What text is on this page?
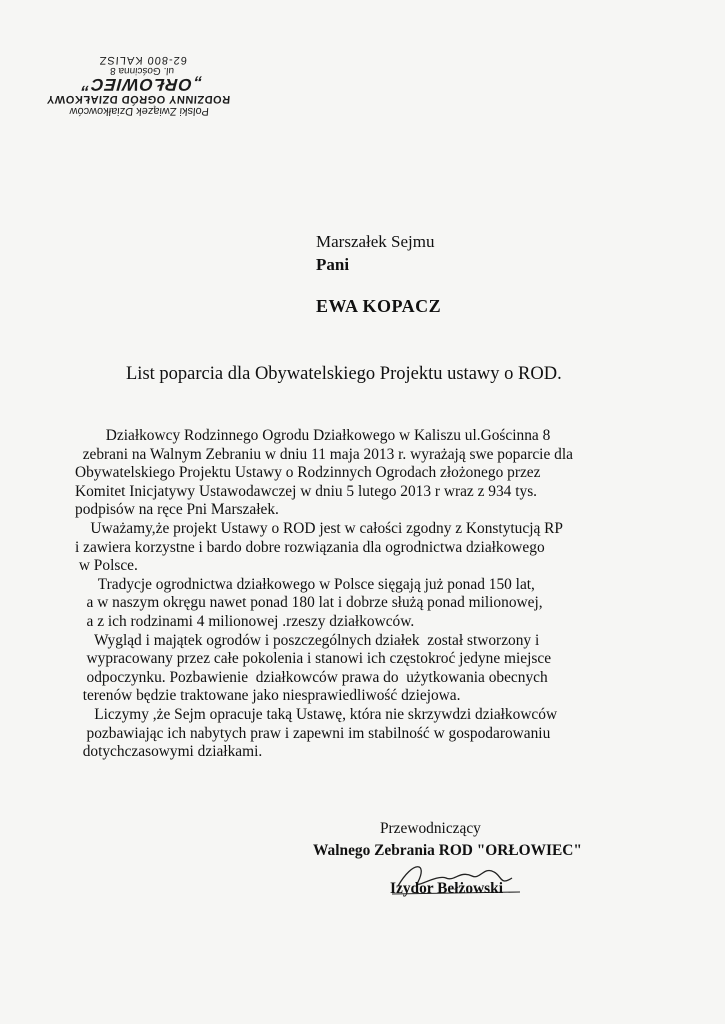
Polski Związek Działkowców
RODZINNY OGRÓD DZIAŁKOWY
„ORŁOWIEC”
ul. Gościnna 8
62-800 KALISZ
Marszałek Sejmu
Pani
EWA KOPACZ
List poparcia dla Obywatelskiego Projektu ustawy o ROD.
Działkowcy Rodzinnego Ogrodu Działkowego w Kaliszu ul.Gościnna 8
zebrani na Walnym Zebraniu w dniu 11 maja 2013 r. wyrażają swe poparcie dla
Obywatelskiego Projektu Ustawy o Rodzinnych Ogrodach złożonego przez
Komitet Inicjatywy Ustawodawczej w dniu 5 lutego 2013 r wraz z 934 tys.
podpisów na ręce Pni Marszałek.
Uważamy,że projekt Ustawy o ROD jest w całości zgodny z Konstytucją RP
i zawiera korzystne i bardo dobre rozwiązania dla ogrodnictwa działkowego
w Polsce.
Tradycje ogrodnictwa działkowego w Polsce sięgają już ponad 150 lat,
a w naszym okręgu nawet ponad 180 lat i dobrze służą ponad milionowej,
a z ich rodzinami 4 milionowej .rzeszy działkowców.
Wygląd i majątek ogrodów i poszczególnych działek  został stworzony i
wypracowany przez całe pokolenia i stanowi ich częstokroć jedyne miejsce
odpoczynku. Pozbawienie  działkowców prawa do  użytkowania obecnych
terenów będzie traktowane jako niesprawiedliwość dziejowa.
Liczymy ,że Sejm opracuje taką Ustawę, która nie skrzywdzi działkowców
pozbawiając ich nabytych praw i zapewni im stabilność w gospodarowaniu
dotychczasowymi działkami.
Przewodniczący
Walnego Zebrania ROD "ORŁOWIEC"
Izydor Bełżowski
